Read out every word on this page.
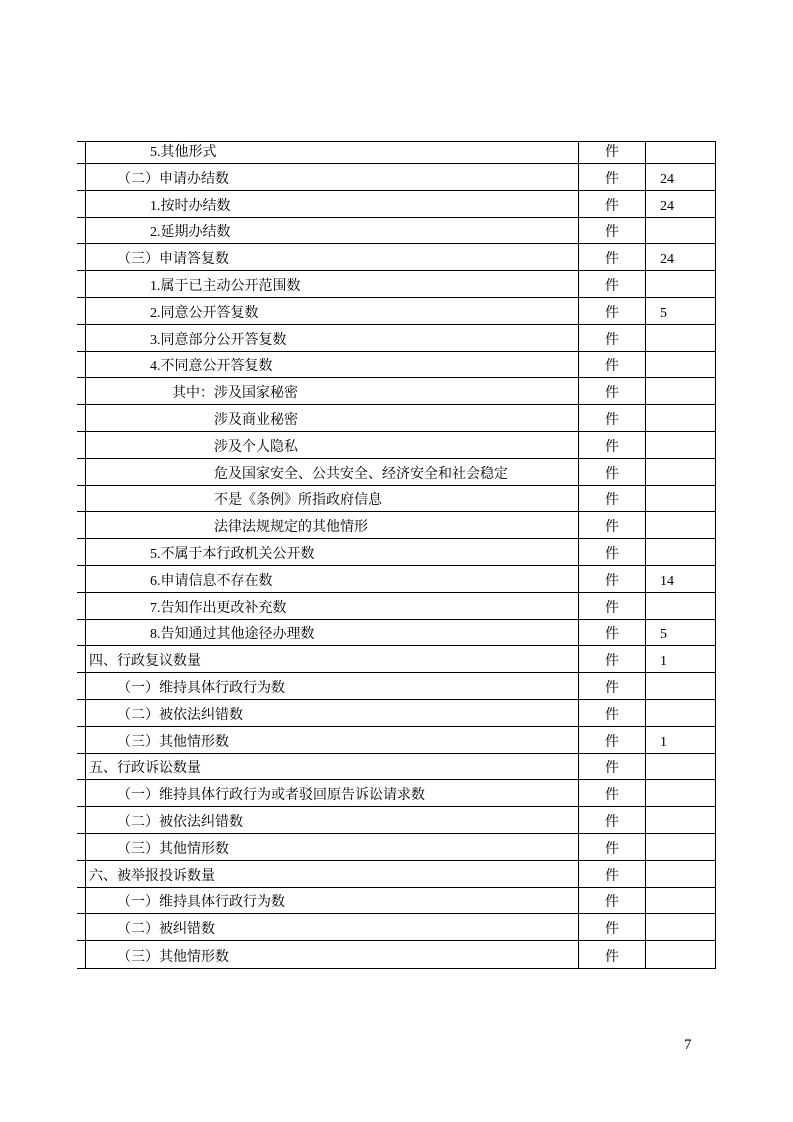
5.其他形式	件
（二）申请办结数	件	24
1.按时办结数	件	24
2.延期办结数	件
（三）申请答复数	件	24
1.属于已主动公开范围数	件
2.同意公开答复数	件	5
3.同意部分公开答复数	件
4.不同意公开答复数	件
其中：涉及国家秘密	件
涉及商业秘密	件
涉及个人隐私	件
危及国家安全、公共安全、经济安全和社会稳定	件
不是《条例》所指政府信息	件
法律法规规定的其他情形	件
5.不属于本行政机关公开数	件
6.申请信息不存在数	件	14
7.告知作出更改补充数	件
8.告知通过其他途径办理数	件	5
四、行政复议数量	件	1
（一）维持具体行政行为数	件
（二）被依法纠错数	件
（三）其他情形数	件	1
五、行政诉讼数量	件
（一）维持具体行政行为或者驳回原告诉讼请求数	件
（二）被依法纠错数	件
（三）其他情形数	件
六、被举报投诉数量	件
（一）维持具体行政行为数	件
（二）被纠错数	件
（三）其他情形数	件
7
